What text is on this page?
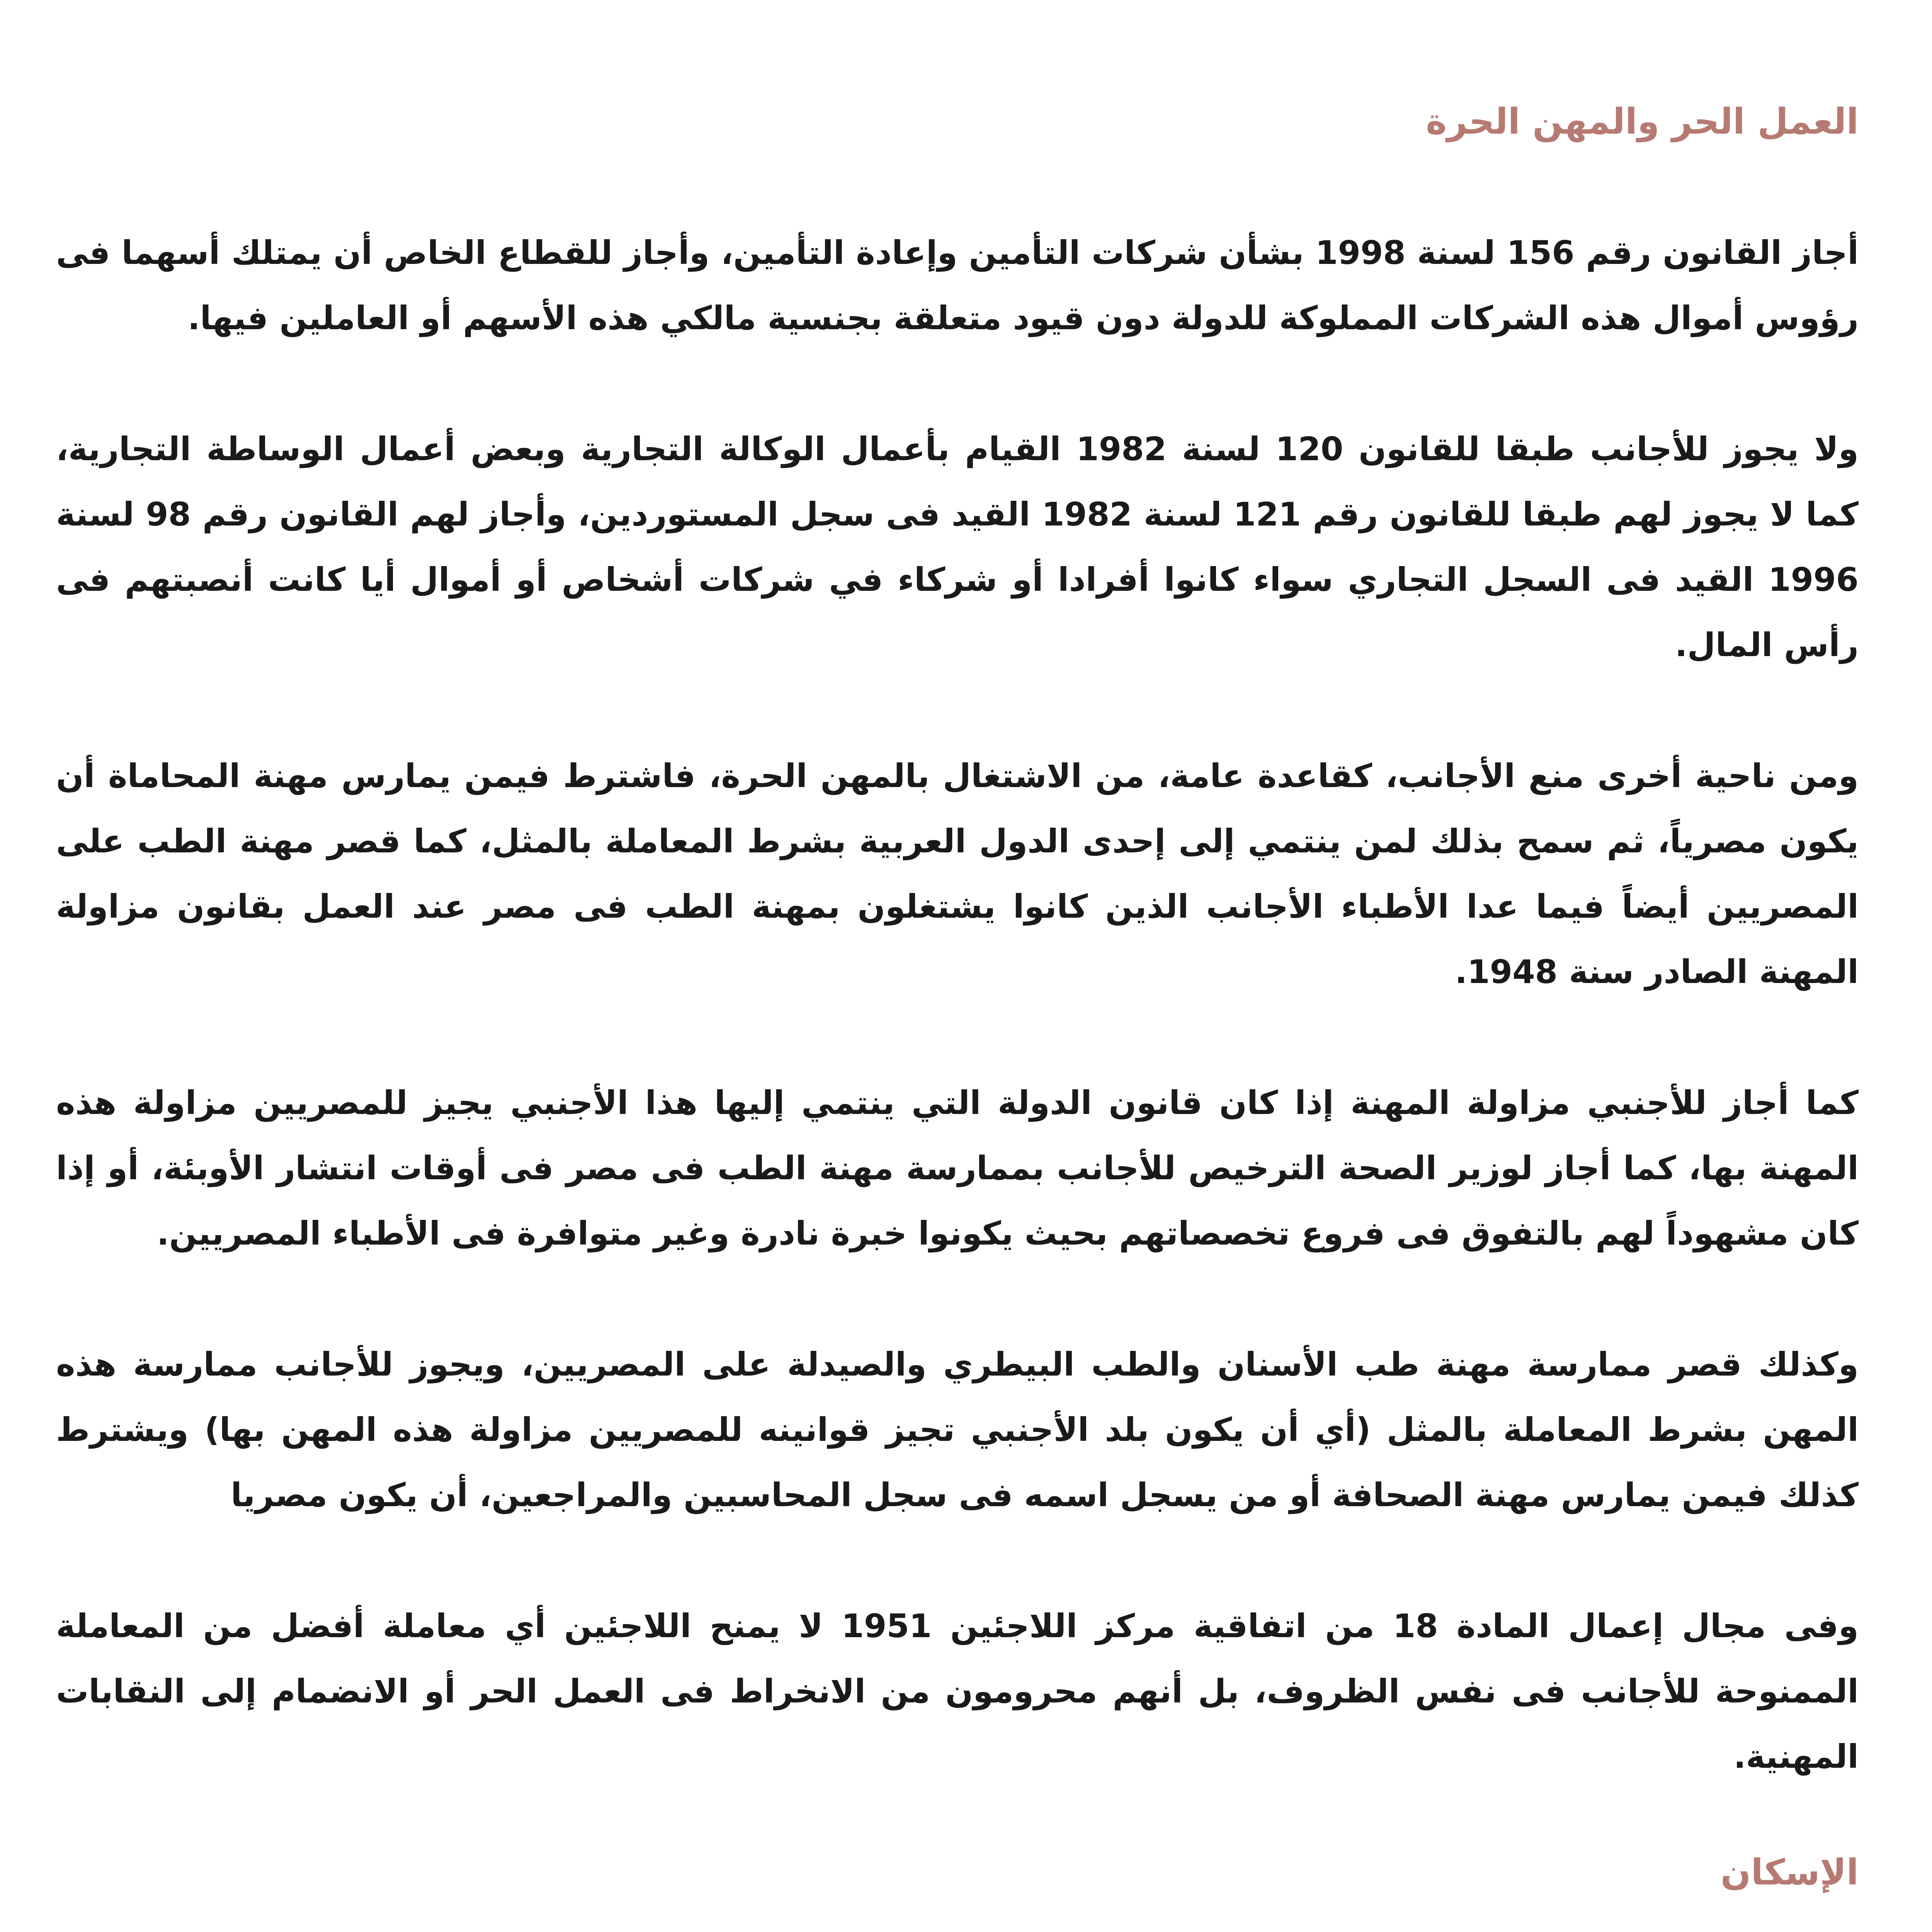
العمل الحر والمهن الحرة

أجاز القانون رقم 156 لسنة 1998 بشأن شركات التأمين وإعادة التأمين، وأجاز للقطاع الخاص أن يمتلك أسهما فى رؤوس أموال هذه الشركات المملوكة للدولة دون قيود متعلقة بجنسية مالكي هذه الأسهم أو العاملين فيها.

ولا يجوز للأجانب طبقا للقانون 120 لسنة 1982 القيام بأعمال الوكالة التجارية وبعض أعمال الوساطة التجارية، كما لا يجوز لهم طبقا للقانون رقم 121 لسنة 1982 القيد فى سجل المستوردين، وأجاز لهم القانون رقم 98 لسنة 1996 القيد فى السجل التجاري سواء كانوا أفرادا أو شركاء في شركات أشخاص أو أموال أيا كانت أنصبتهم فى رأس المال.

ومن ناحية أخرى منع الأجانب، كقاعدة عامة، من الاشتغال بالمهن الحرة، فاشترط فيمن يمارس مهنة المحاماة أن يكون مصرياً، ثم سمح بذلك لمن ينتمي إلى إحدى الدول العربية بشرط المعاملة بالمثل، كما قصر مهنة الطب على المصريين أيضاً فيما عدا الأطباء الأجانب الذين كانوا يشتغلون بمهنة الطب فى مصر عند العمل بقانون مزاولة المهنة الصادر سنة 1948.

كما أجاز للأجنبي مزاولة المهنة إذا كان قانون الدولة التي ينتمي إليها هذا الأجنبي يجيز للمصريين مزاولة هذه المهنة بها، كما أجاز لوزير الصحة الترخيص للأجانب بممارسة مهنة الطب فى مصر فى أوقات انتشار الأوبئة، أو إذا كان مشهوداً لهم بالتفوق فى فروع تخصصاتهم بحيث يكونوا خبرة نادرة وغير متوافرة فى الأطباء المصريين.

وكذلك قصر ممارسة مهنة طب الأسنان والطب البيطري والصيدلة على المصريين، ويجوز للأجانب ممارسة هذه المهن بشرط المعاملة بالمثل (أي أن يكون بلد الأجنبي تجيز قوانينه للمصريين مزاولة هذه المهن بها) ويشترط كذلك فيمن يمارس مهنة الصحافة أو من يسجل اسمه فى سجل المحاسبين والمراجعين، أن يكون مصريا

وفى مجال إعمال المادة 18 من اتفاقية مركز اللاجئين 1951 لا يمنح اللاجئين أي معاملة أفضل من المعاملة الممنوحة للأجانب فى نفس الظروف، بل أنهم محرومون من الانخراط فى العمل الحر أو الانضمام إلى النقابات المهنية.

الإسكان
